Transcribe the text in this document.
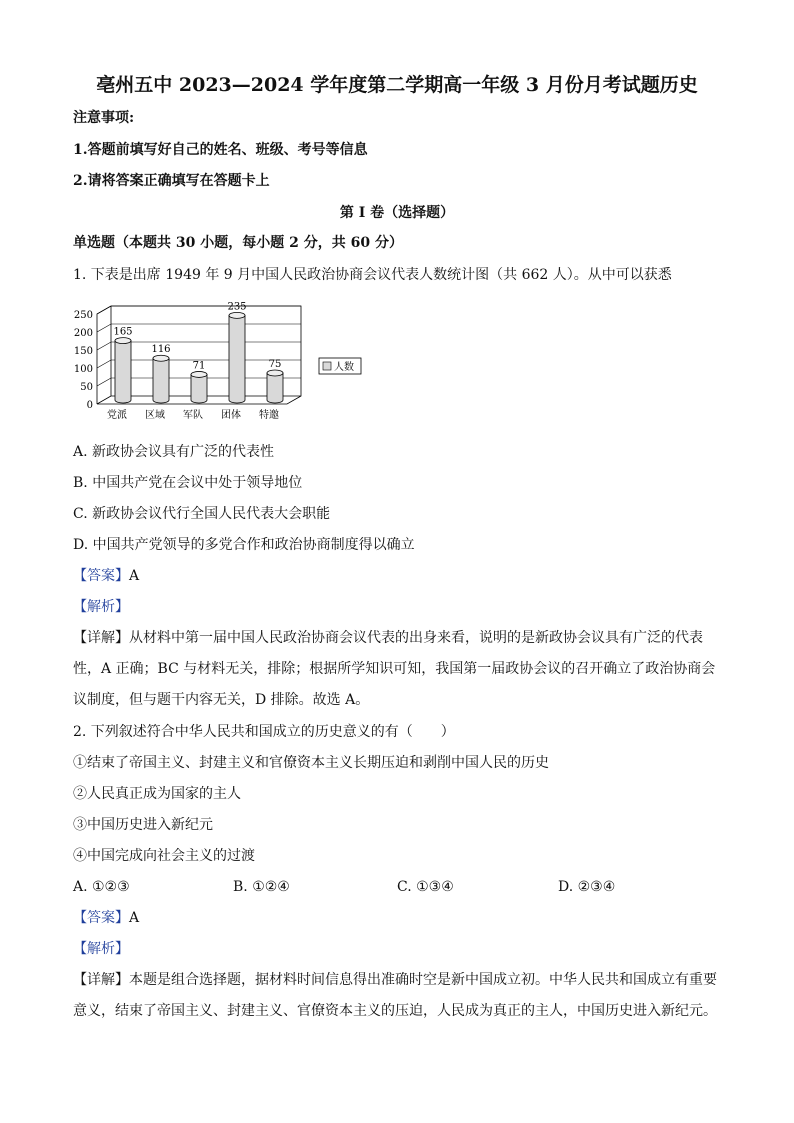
亳州五中 2023—2024 学年度第二学期高一年级 3 月份月考试题历史
注意事项:
1.答题前填写好自己的姓名、班级、考号等信息
2.请将答案正确填写在答题卡上
第 I 卷（选择题）
单选题（本题共 30 小题，每小题 2 分，共 60 分）
1. 下表是出席 1949 年 9 月中国人民政治协商会议代表人数统计图（共 662 人）。从中可以获悉
0
50
100
150
200
250
165
党派
116
区域
71
军队
235
团体
75
特邀
人数
A. 新政协会议具有广泛的代表性
B. 中国共产党在会议中处于领导地位
C. 新政协会议代行全国人民代表大会职能
D. 中国共产党领导的多党合作和政治协商制度得以确立
【答案】A
【解析】
【详解】从材料中第一届中国人民政治协商会议代表的出身来看，说明的是新政协会议具有广泛的代表性，A 正确；BC 与材料无关，排除；根据所学知识可知，我国第一届政协会议的召开确立了政治协商会议制度，但与题干内容无关，D 排除。故选 A。
2. 下列叙述符合中华人民共和国成立的历史意义的有（　　）
①结束了帝国主义、封建主义和官僚资本主义长期压迫和剥削中国人民的历史
②人民真正成为国家的主人
③中国历史进入新纪元
④中国完成向社会主义的过渡
A. ①②③	B. ①②④	C. ①③④	D. ②③④
【答案】A
【解析】
【详解】本题是组合选择题，据材料时间信息得出准确时空是新中国成立初。中华人民共和国成立有重要意义，结束了帝国主义、封建主义、官僚资本主义的压迫，人民成为真正的主人，中国历史进入新纪元。
